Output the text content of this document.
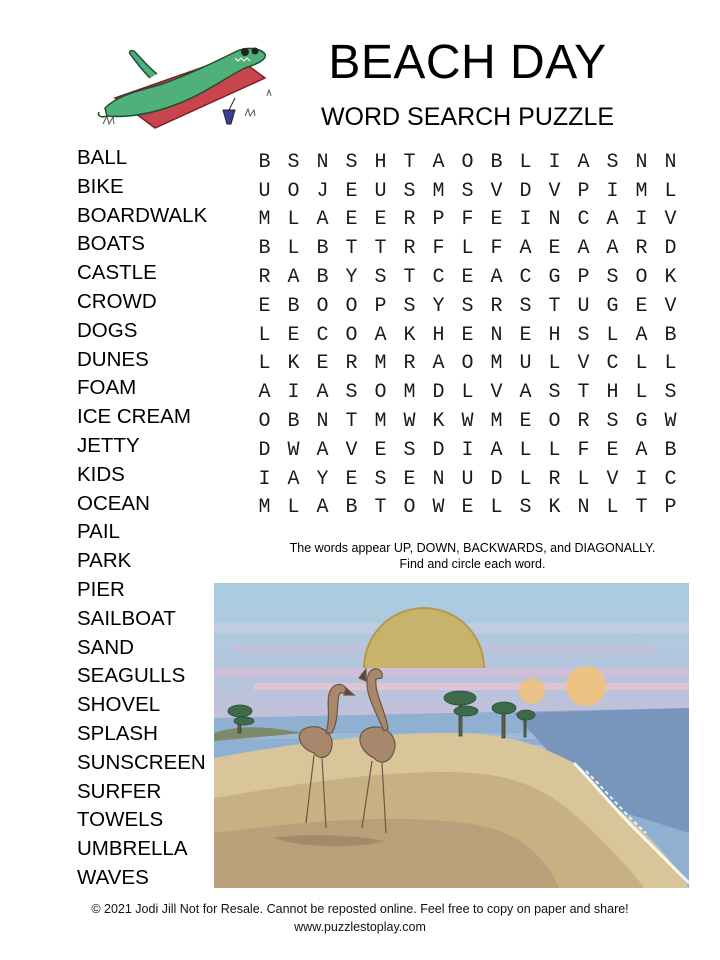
BEACH DAY
WORD SEARCH PUZZLE
BALL
BIKE
BOARDWALK
BOATS
CASTLE
CROWD
DOGS
DUNES
FOAM
ICE CREAM
JETTY
KIDS
OCEAN
PAIL
PARK
PIER
SAILBOAT
SAND
SEAGULLS
SHOVEL
SPLASH
SUNSCREEN
SURFER
TOWELS
UMBRELLA
WAVES
B	S	N	S	H	T	A	O	B	L	I	A	S	N	N
U	O	J	E	U	S	M	S	V	D	V	P	I	M	L
M	L	A	E	E	R	P	F	E	I	N	C	A	I	V
B	L	B	T	T	R	F	L	F	A	E	A	A	R	D
R	A	B	Y	S	T	C	E	A	C	G	P	S	O	K
E	B	O	O	P	S	Y	S	R	S	T	U	G	E	V
L	E	C	O	A	K	H	E	N	E	H	S	L	A	B
L	K	E	R	M	R	A	O	M	U	L	V	C	L	L
A	I	A	S	O	M	D	L	V	A	S	T	H	L	S
O	B	N	T	M	W	K	W	M	E	O	R	S	G	W
D	W	A	V	E	S	D	I	A	L	L	F	E	A	B
I	A	Y	E	S	E	N	U	D	L	R	L	V	I	C
M	L	A	B	T	O	W	E	L	S	K	N	L	T	P
The words appear UP, DOWN, BACKWARDS, and DIAGONALLY.
Find and circle each word.
© 2021 Jodi Jill Not for Resale. Cannot be reposted online. Feel free to copy on paper and share!
www.puzzlestoplay.com
